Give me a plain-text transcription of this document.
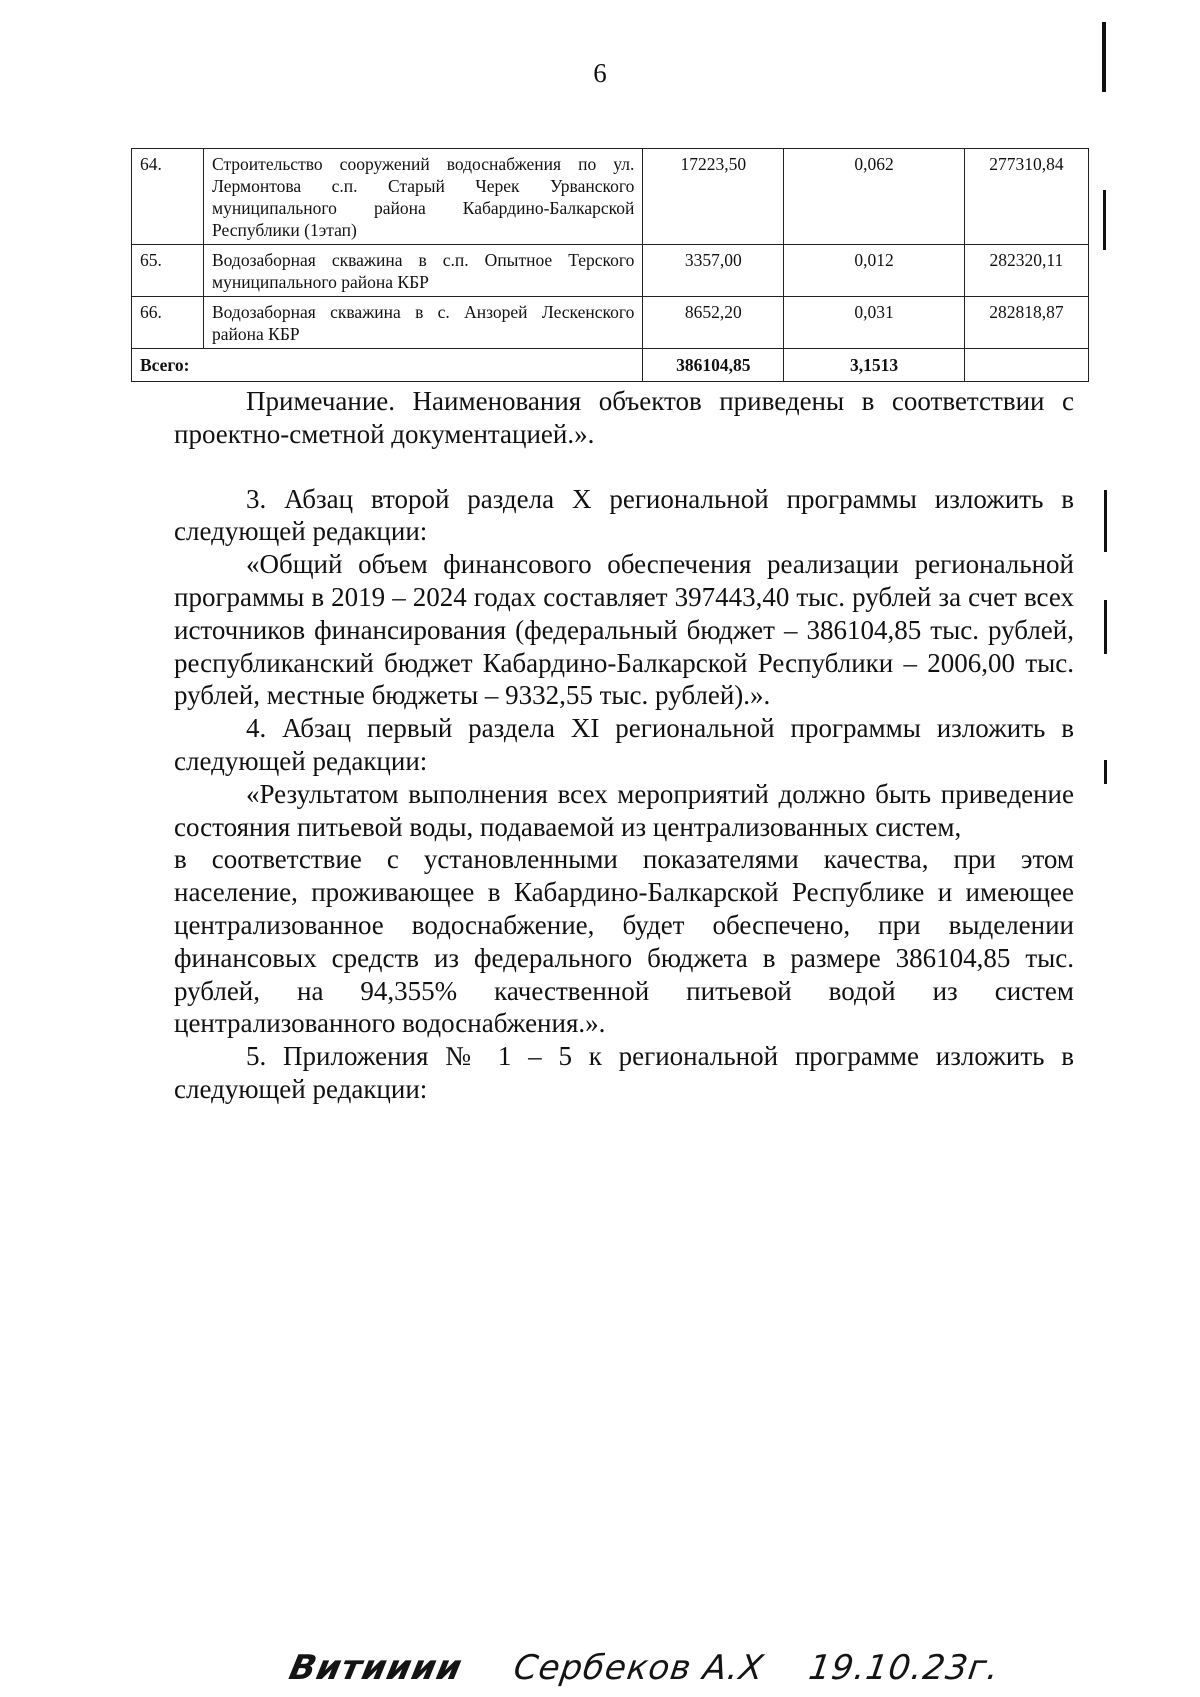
6
64.	Строительство сооружений водоснабжения по ул. Лермонтова с.п. Старый Черек Урванского муниципального района Кабардино-Балкарской Республики (1этап)	17223,50	0,062	277310,84
65.	Водозаборная скважина в с.п. Опытное Терского муниципального района КБР	3357,00	0,012	282320,11
66.	Водозаборная скважина в с. Анзорей Лескенского района КБР	8652,20	0,031	282818,87
Всего:		386104,85	3,1513	

Примечание. Наименования объектов приведены в соответствии с проектно-сметной документацией.».

3. Абзац второй раздела X региональной программы изложить в следующей редакции:

«Общий объем финансового обеспечения реализации региональной программы в 2019 – 2024 годах составляет 397443,40 тыс. рублей за счет всех источников финансирования (федеральный бюджет – 386104,85 тыс. рублей, республиканский бюджет Кабардино-Балкарской Республики – 2006,00 тыс. рублей, местные бюджеты – 9332,55 тыс. рублей).».

4. Абзац первый раздела XI региональной программы изложить в следующей редакции:

«Результатом выполнения всех мероприятий должно быть приведение состояния питьевой воды, подаваемой из централизованных систем,

в соответствие с установленными показателями качества, при этом население, проживающее в Кабардино-Балкарской Республике и имеющее централизованное водоснабжение, будет обеспечено, при выделении финансовых средств из федерального бюджета в размере 386104,85 тыс. рублей, на 94,355% качественной питьевой водой из систем централизованного водоснабжения.».

5. Приложения № 1 – 5 к региональной программе изложить в следующей редакции:

Витииии Сербеков А.Х 19.10.23г.
